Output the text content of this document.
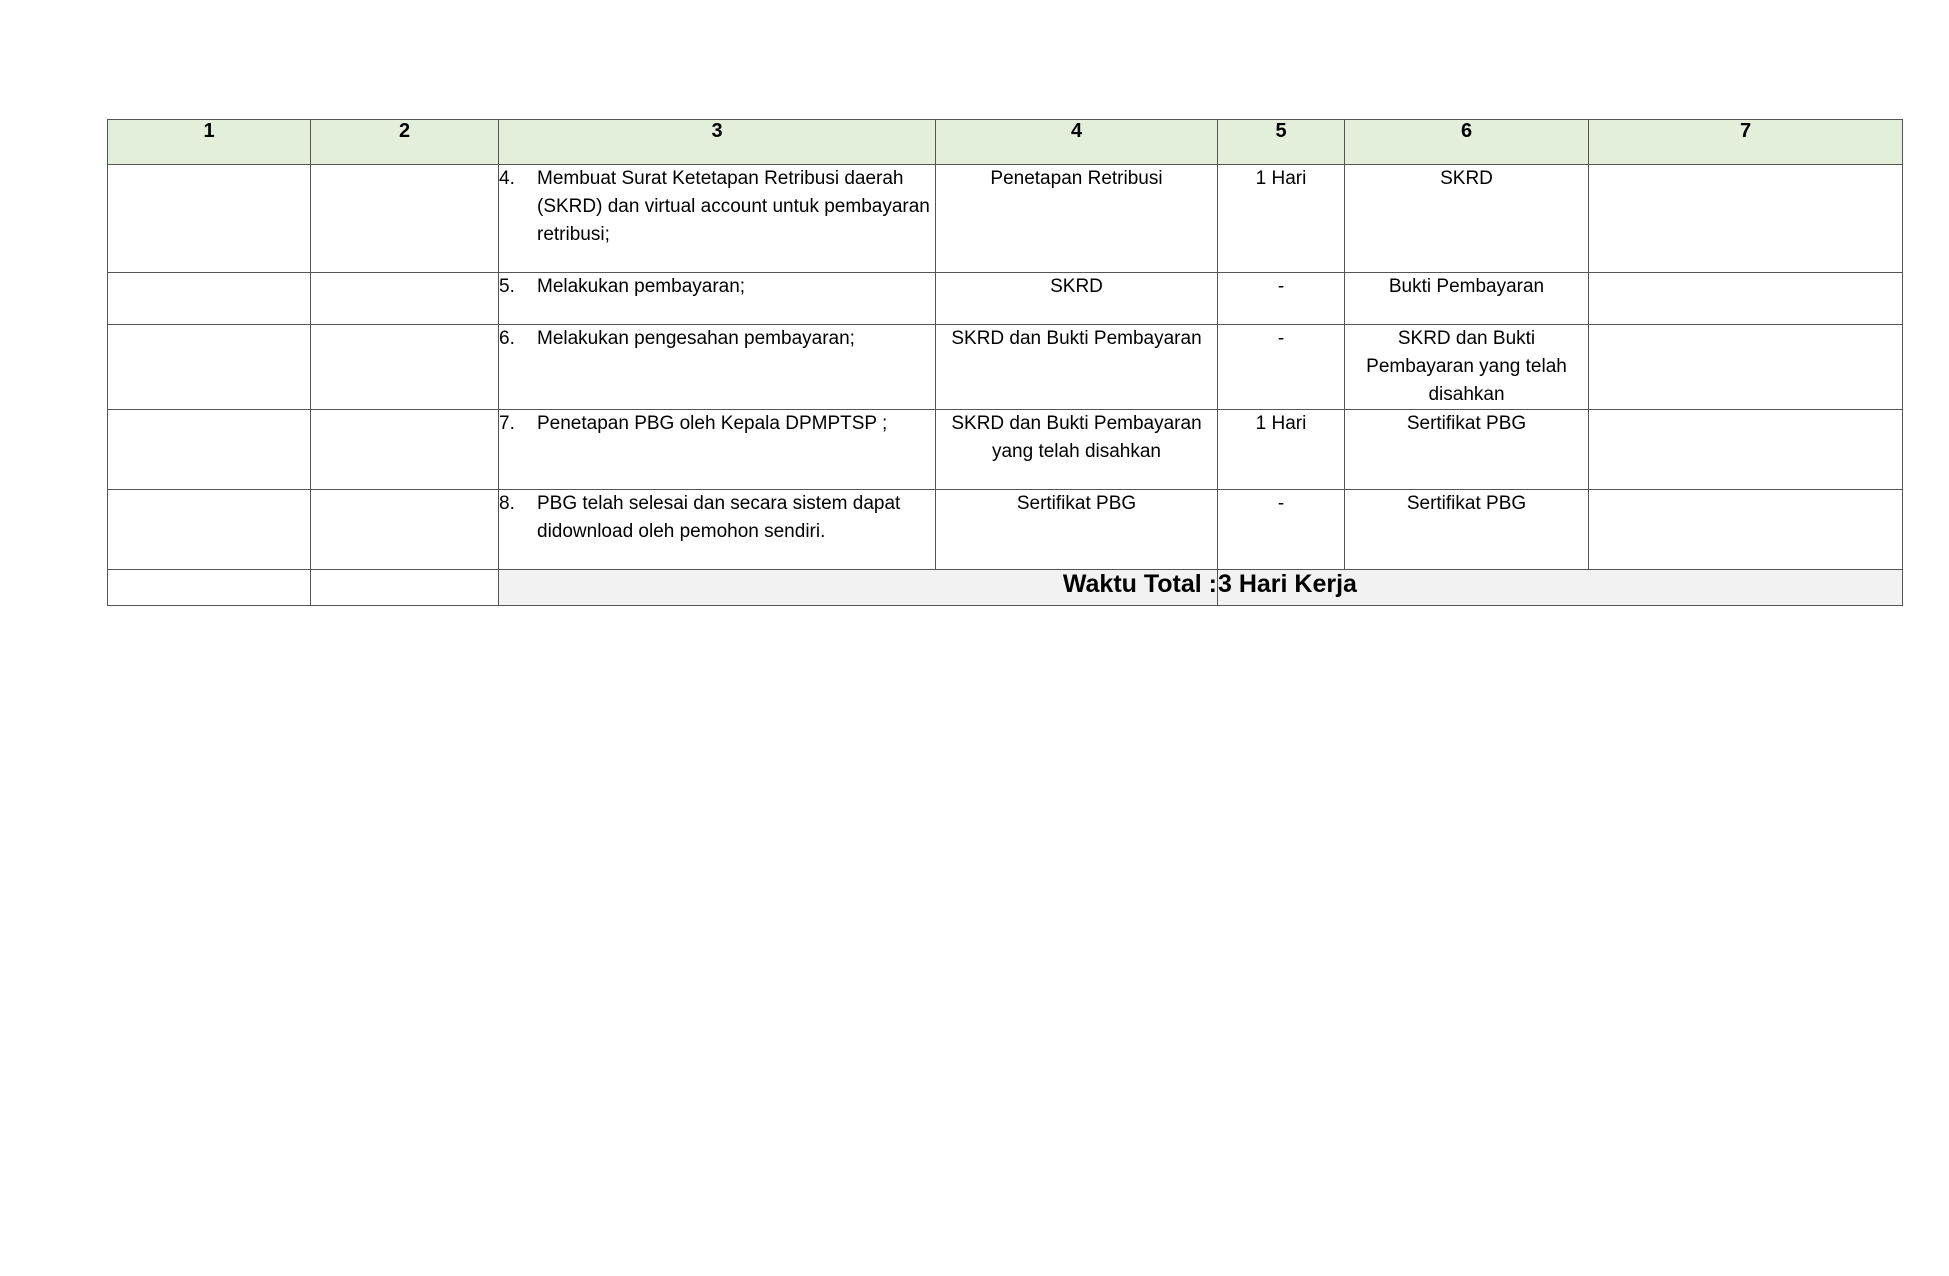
1	2	3	4	5	6	7

		4. Membuat Surat Ketetapan Retribusi daerah (SKRD) dan virtual account untuk pembayaran retribusi;	Penetapan Retribusi	1 Hari	SKRD	

		5. Melakukan pembayaran;	SKRD	-	Bukti Pembayaran	

		6. Melakukan pengesahan pembayaran;	SKRD dan Bukti Pembayaran	-	SKRD dan Bukti Pembayaran yang telah disahkan	

		7. Penetapan PBG oleh Kepala DPMPTSP ;	SKRD dan Bukti Pembayaran yang telah disahkan	1 Hari	Sertifikat PBG	

		8. PBG telah selesai dan secara sistem dapat didownload oleh pemohon sendiri.	Sertifikat PBG	-	Sertifikat PBG	
		Waktu Total :		3 Hari Kerja		
